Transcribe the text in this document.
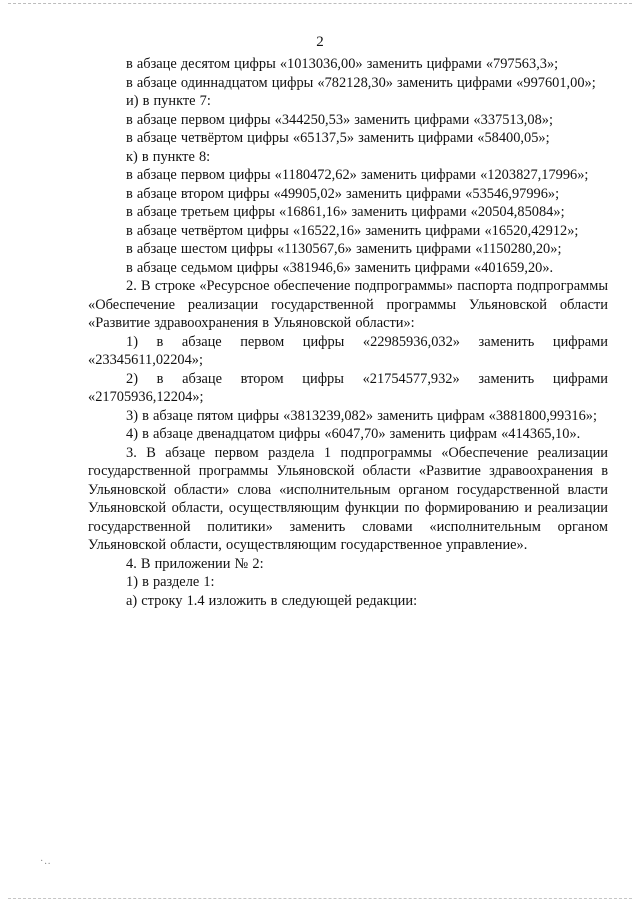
2

в абзаце десятом цифры «1013036,00» заменить цифрами «797563,3»;

в абзаце одиннадцатом цифры «782128,30» заменить цифрами «997601,00»;

и) в пункте 7:

в абзаце первом цифры «344250,53» заменить цифрами «337513,08»;

в абзаце четвёртом цифры «65137,5» заменить цифрами «58400,05»;

к) в пункте 8:

в абзаце первом цифры «1180472,62» заменить цифрами «1203827,17996»;

в абзаце втором цифры «49905,02» заменить цифрами «53546,97996»;

в абзаце третьем цифры «16861,16» заменить цифрами «20504,85084»;

в абзаце четвёртом цифры «16522,16» заменить цифрами «16520,42912»;

в абзаце шестом цифры «1130567,6» заменить цифрами «1150280,20»;

в абзаце седьмом цифры «381946,6» заменить цифрами «401659,20».

2. В строке «Ресурсное обеспечение подпрограммы» паспорта подпрограммы «Обеспечение реализации государственной программы Ульяновской области «Развитие здравоохранения в Ульяновской области»:

1) в абзаце первом цифры «22985936,032» заменить цифрами «23345611,02204»;

2) в абзаце втором цифры «21754577,932» заменить цифрами «21705936,12204»;

3) в абзаце пятом цифры «3813239,082» заменить цифрам «3881800,99316»;

4) в абзаце двенадцатом цифры «6047,70» заменить цифрам «414365,10».

3. В абзаце первом раздела 1 подпрограммы «Обеспечение реализации государственной программы Ульяновской области «Развитие здравоохранения в Ульяновской области» слова «исполнительным органом государственной власти Ульяновской области, осуществляющим функции по формированию и реализации государственной политики» заменить словами «исполнительным органом Ульяновской области, осуществляющим государственное управление».

4. В приложении № 2:

1) в разделе 1:

а) строку 1.4 изложить в следующей редакции:

·..
